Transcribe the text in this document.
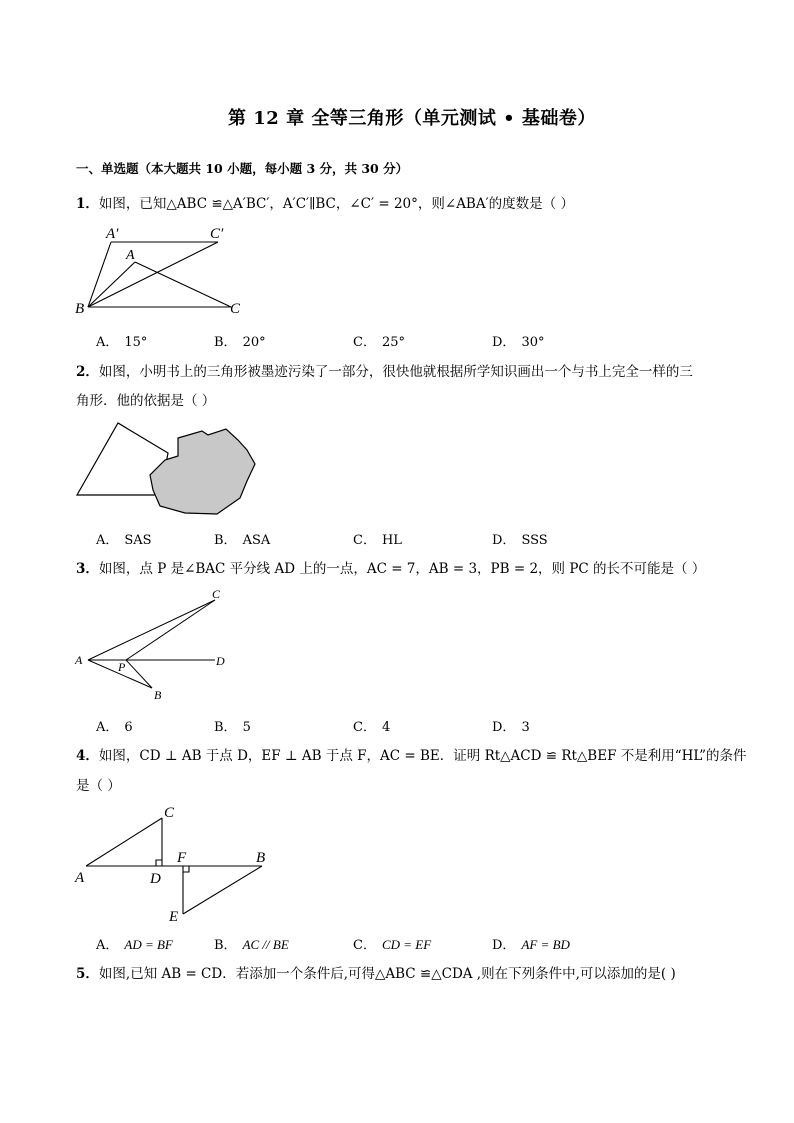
第 12 章 全等三角形（单元测试 • 基础卷）
一、单选题（本大题共 10 小题，每小题 3 分，共 30 分）
1．如图，已知△ABC ≌△A′BC′，A′C′∥BC，∠C′ = 20°，则∠ABA′的度数是（ ）
A′	C′
A
B	C
A． 15°	B． 20°	C． 25°	D． 30°
2．如图，小明书上的三角形被墨迹污染了一部分，很快他就根据所学知识画出一个与书上完全一样的三
角形．他的依据是（ ）
A． SAS	B． ASA	C． HL	D． SSS
3．如图，点 P 是∠BAC 平分线 AD 上的一点，AC = 7，AB = 3，PB = 2，则 PC 的长不可能是（ ）
A
C
D
P
B
A． 6	B． 5	C． 4	D． 3
4．如图，CD ⊥ AB 于点 D，EF ⊥ AB 于点 F，AC = BE．证明 Rt△ACD ≌ Rt△BEF 不是利用“HL”的条件
是（ ）
A
C
D
F	B
E
A． AD = BF	B． AC // BE	C． CD = EF	D． AF = BD
5．如图,已知 AB = CD．若添加一个条件后,可得△ABC ≌△CDA ,则在下列条件中,可以添加的是( )
